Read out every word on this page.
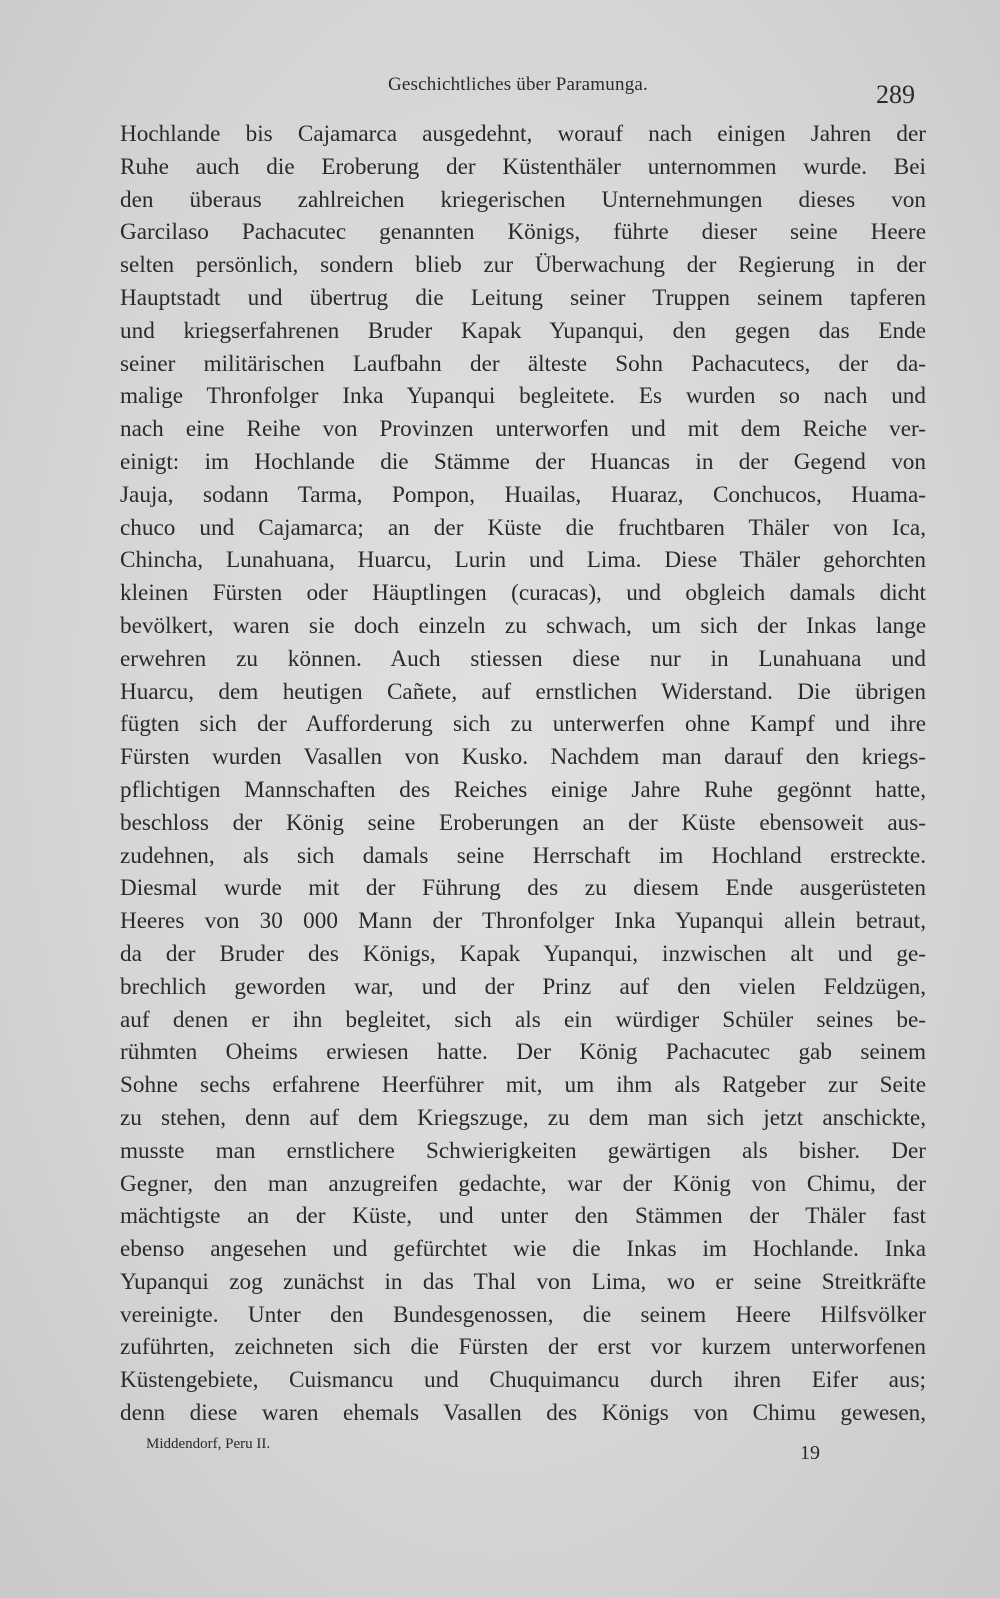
Geschichtliches über Paramunga.	289
Hochlande bis Cajamarca ausgedehnt, worauf nach einigen Jahren der
Ruhe auch die Eroberung der Küstenthäler unternommen wurde. Bei
den überaus zahlreichen kriegerischen Unternehmungen dieses von
Garcilaso Pachacutec genannten Königs, führte dieser seine Heere
selten persönlich, sondern blieb zur Überwachung der Regierung in der
Hauptstadt und übertrug die Leitung seiner Truppen seinem tapferen
und kriegserfahrenen Bruder Kapak Yupanqui, den gegen das Ende
seiner militärischen Laufbahn der älteste Sohn Pachacutecs, der da-
malige Thronfolger Inka Yupanqui begleitete. Es wurden so nach und
nach eine Reihe von Provinzen unterworfen und mit dem Reiche ver-
einigt: im Hochlande die Stämme der Huancas in der Gegend von
Jauja, sodann Tarma, Pompon, Huailas, Huaraz, Conchucos, Huama-
chuco und Cajamarca; an der Küste die fruchtbaren Thäler von Ica,
Chincha, Lunahuana, Huarcu, Lurin und Lima. Diese Thäler gehorchten
kleinen Fürsten oder Häuptlingen (curacas), und obgleich damals dicht
bevölkert, waren sie doch einzeln zu schwach, um sich der Inkas lange
erwehren zu können. Auch stiessen diese nur in Lunahuana und
Huarcu, dem heutigen Cañete, auf ernstlichen Widerstand. Die übrigen
fügten sich der Aufforderung sich zu unterwerfen ohne Kampf und ihre
Fürsten wurden Vasallen von Kusko. Nachdem man darauf den kriegs-
pflichtigen Mannschaften des Reiches einige Jahre Ruhe gegönnt hatte,
beschloss der König seine Eroberungen an der Küste ebensoweit aus-
zudehnen, als sich damals seine Herrschaft im Hochland erstreckte.
Diesmal wurde mit der Führung des zu diesem Ende ausgerüsteten
Heeres von 30 000 Mann der Thronfolger Inka Yupanqui allein betraut,
da der Bruder des Königs, Kapak Yupanqui, inzwischen alt und ge-
brechlich geworden war, und der Prinz auf den vielen Feldzügen,
auf denen er ihn begleitet, sich als ein würdiger Schüler seines be-
rühmten Oheims erwiesen hatte. Der König Pachacutec gab seinem
Sohne sechs erfahrene Heerführer mit, um ihm als Ratgeber zur Seite
zu stehen, denn auf dem Kriegszuge, zu dem man sich jetzt anschickte,
musste man ernstlichere Schwierigkeiten gewärtigen als bisher. Der
Gegner, den man anzugreifen gedachte, war der König von Chimu, der
mächtigste an der Küste, und unter den Stämmen der Thäler fast
ebenso angesehen und gefürchtet wie die Inkas im Hochlande. Inka
Yupanqui zog zunächst in das Thal von Lima, wo er seine Streitkräfte
vereinigte. Unter den Bundesgenossen, die seinem Heere Hilfsvölker
zuführten, zeichneten sich die Fürsten der erst vor kurzem unterworfenen
Küstengebiete, Cuismancu und Chuquimancu durch ihren Eifer aus;
denn diese waren ehemals Vasallen des Königs von Chimu gewesen,
Middendorf, Peru II.	19
